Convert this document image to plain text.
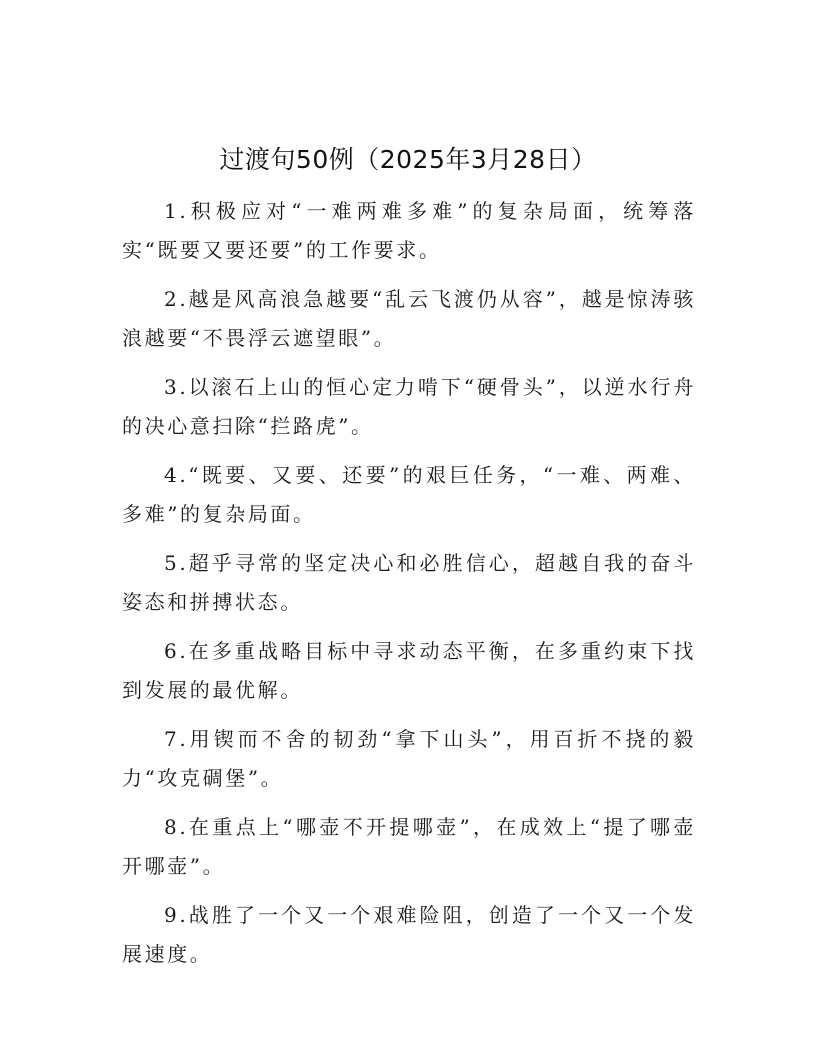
过渡句50例（2025年3月28日）

1.积极应对“一难两难多难”的复杂局面，统筹落实“既要又要还要”的工作要求。

2.越是风高浪急越要“乱云飞渡仍从容”，越是惊涛骇浪越要“不畏浮云遮望眼”。

3.以滚石上山的恒心定力啃下“硬骨头”，以逆水行舟的决心意扫除“拦路虎”。

4.“既要、又要、还要”的艰巨任务，“一难、两难、多难”的复杂局面。

5.超乎寻常的坚定决心和必胜信心，超越自我的奋斗姿态和拼搏状态。

6.在多重战略目标中寻求动态平衡，在多重约束下找到发展的最优解。

7.用锲而不舍的韧劲“拿下山头”，用百折不挠的毅力“攻克碉堡”。

8.在重点上“哪壶不开提哪壶”，在成效上“提了哪壶开哪壶”。

9.战胜了一个又一个艰难险阻，创造了一个又一个发展速度。
